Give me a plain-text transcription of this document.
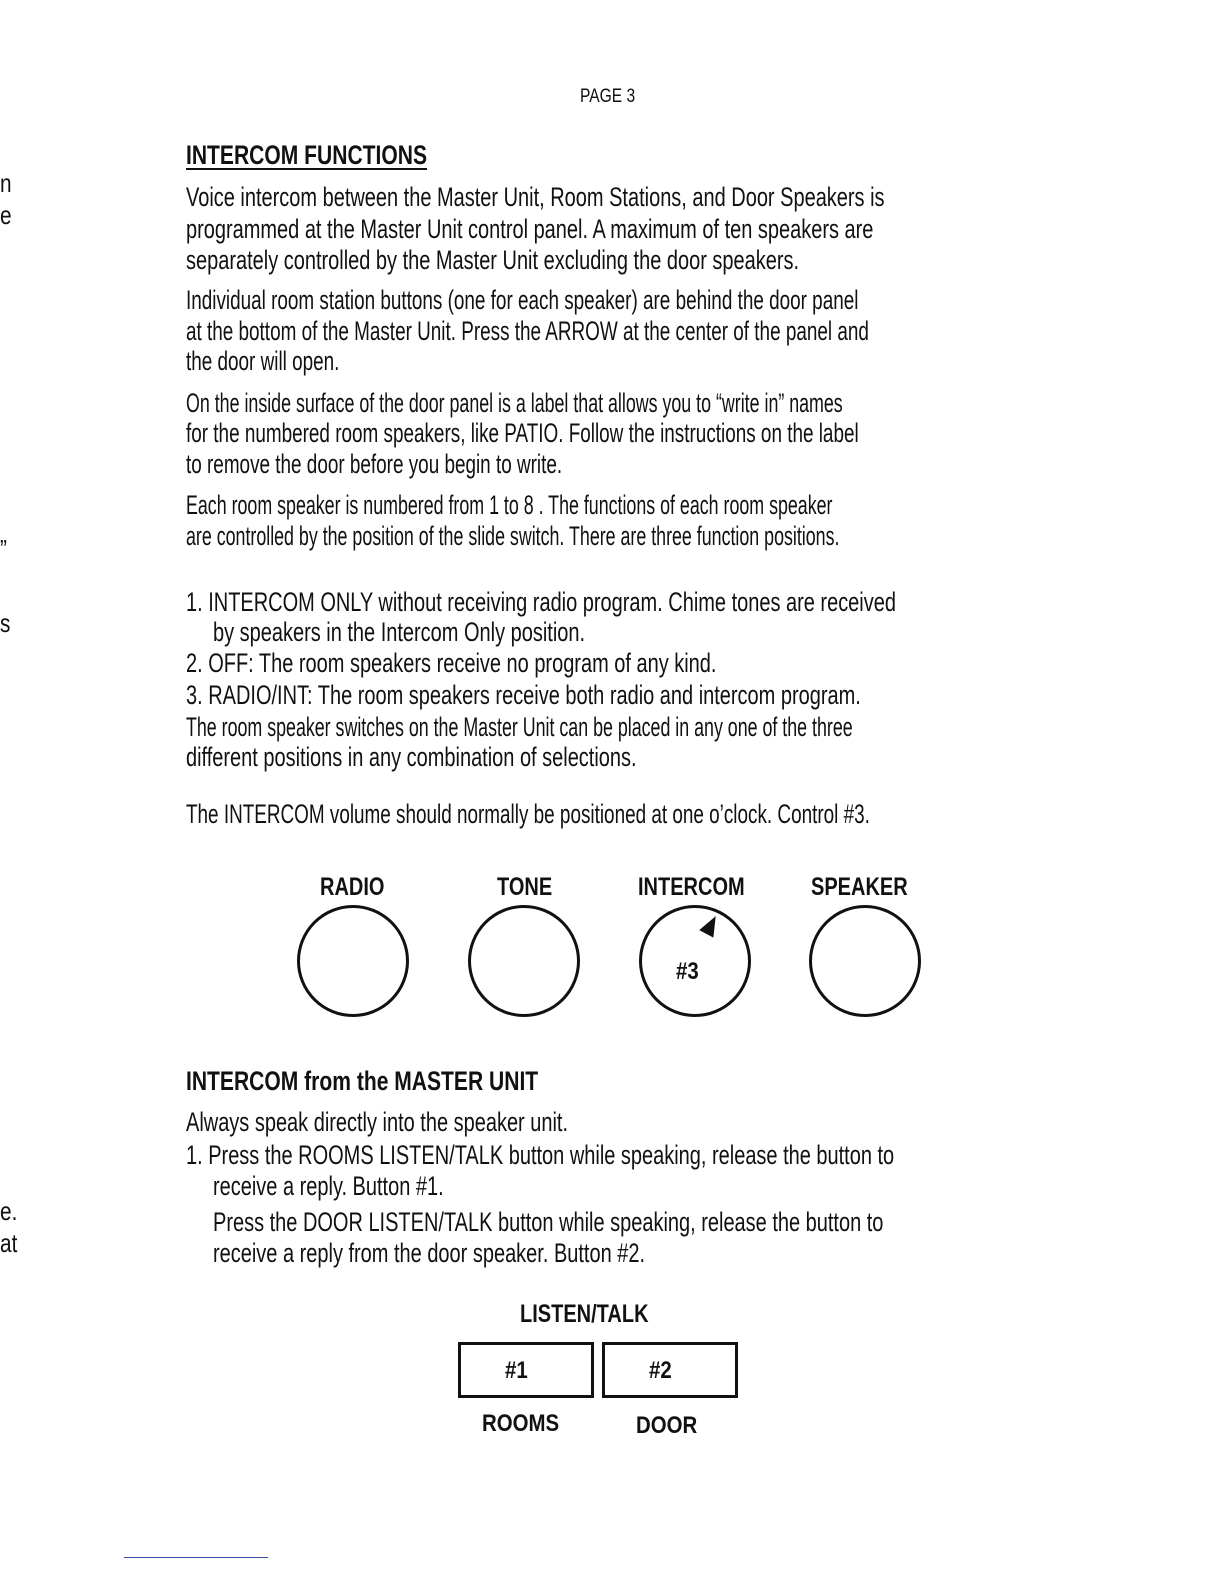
PAGE 3
n
e
”
s
e.
at
INTERCOM FUNCTIONS
Voice intercom between the Master Unit, Room Stations, and Door Speakers is
programmed at the Master Unit control panel. A maximum of ten speakers are
separately controlled by the Master Unit excluding the door speakers.
Individual room station buttons (one for each speaker) are behind the door panel
at the bottom of the Master Unit. Press the ARROW at the center of the panel and
the door will open.
On the inside surface of the door panel is a label that allows you to “write in” names
for the numbered room speakers, like PATIO. Follow the instructions on the label
to remove the door before you begin to write.
Each room speaker is numbered from 1 to 8 . The functions of each room speaker
are controlled by the position of the slide switch. There are three function positions.
1. INTERCOM ONLY without receiving radio program. Chime tones are received
by speakers in the Intercom Only position.
2. OFF: The room speakers receive no program of any kind.
3. RADIO/INT: The room speakers receive both radio and intercom program.
The room speaker switches on the Master Unit can be placed in any one of the three
different positions in any combination of selections.
The INTERCOM volume should normally be positioned at one o’clock. Control #3.
RADIO	TONE	INTERCOM	SPEAKER
#3
INTERCOM from the MASTER UNIT
Always speak directly into the speaker unit.
1. Press the ROOMS LISTEN/TALK button while speaking, release the button to
receive a reply. Button #1.
Press the DOOR LISTEN/TALK button while speaking, release the button to
receive a reply from the door speaker. Button #2.
LISTEN/TALK
#1	#2
ROOMS	DOOR
